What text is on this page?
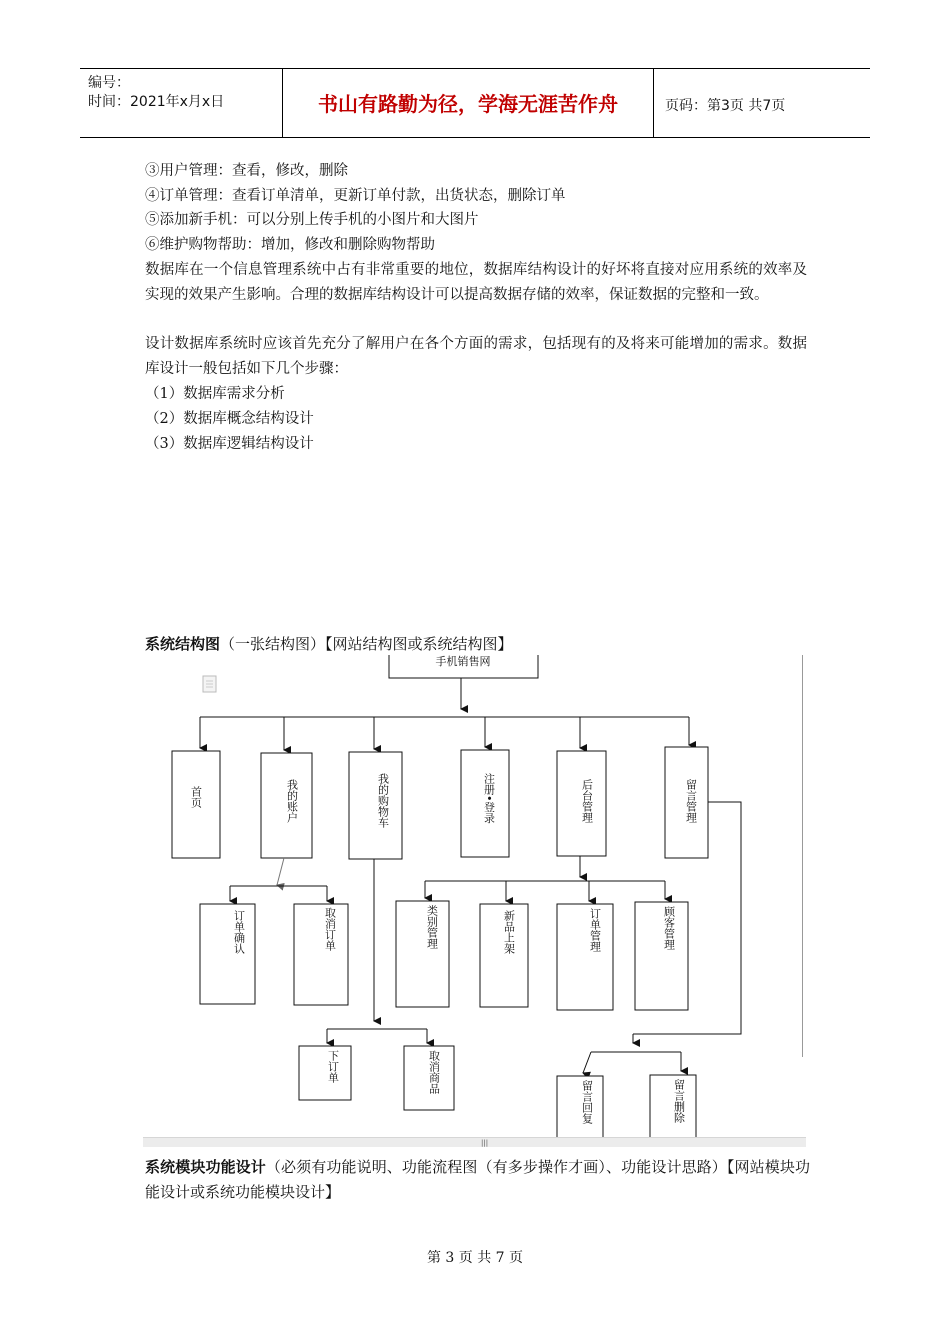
编号：
时间：2021年x月x日	书山有路勤为径，学海无涯苦作舟	页码：第3页 共7页
③用户管理：查看，修改，删除
④订单管理：查看订单清单，更新订单付款，出货状态，删除订单
⑤添加新手机：可以分别上传手机的小图片和大图片
⑥维护购物帮助：增加，修改和删除购物帮助
数据库在一个信息管理系统中占有非常重要的地位，数据库结构设计的好坏将直接对应用系统的效率及实现的效果产生影响。合理的数据库结构设计可以提高数据存储的效率，保证数据的完整和一致。
设计数据库系统时应该首先充分了解用户在各个方面的需求，包括现有的及将来可能增加的需求。数据库设计一般包括如下几个步骤：
（1）数据库需求分析
（2）数据库概念结构设计
（3）数据库逻辑结构设计
系统结构图（一张结构图）【网站结构图或系统结构图】
手机销售网
首页	我的账户	我的购物车	注册•登录	后台管理	留言管理
订单确认	取消订单
下订单	取消商品
类别管理	新品上架	订单管理	顾客管理
留言回复	留言删除
|||
系统模块功能设计（必须有功能说明、功能流程图（有多步操作才画）、功能设计思路）【网站模块功能设计或系统功能模块设计】
第 3 页 共 7 页
